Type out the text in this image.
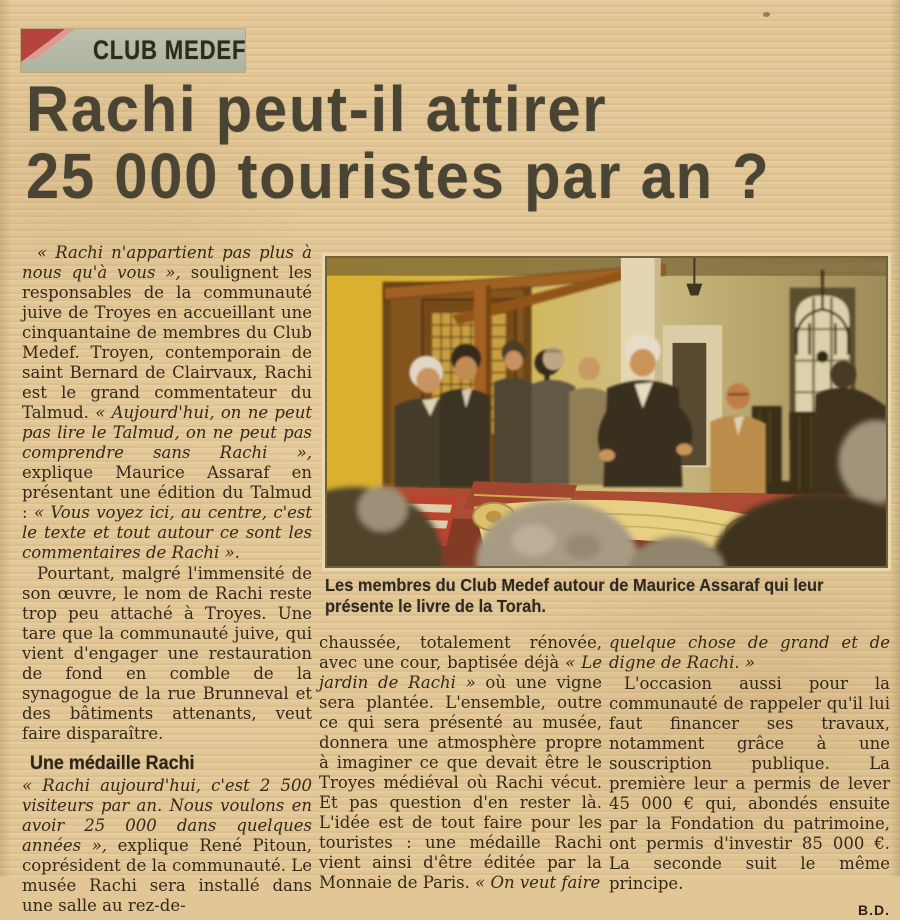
CLUB MEDEF
Rachi peut-il attirer
25 000 touristes par an ?

« Rachi n'appartient pas plus à nous qu'à vous », soulignent les responsables de la communauté juive de Troyes en accueillant une cinquantaine de membres du Club Medef. Troyen, contemporain de saint Bernard de Clairvaux, Rachi est le grand commentateur du Talmud. « Aujourd'hui, on ne peut pas lire le Talmud, on ne peut pas comprendre sans Rachi », explique Maurice Assaraf en présentant une édition du Talmud : « Vous voyez ici, au centre, c'est le texte et tout autour ce sont les commentaires de Rachi ».

Pourtant, malgré l'immensité de son œuvre, le nom de Rachi reste trop peu attaché à Troyes. Une tare que la communauté juive, qui vient d'engager une restauration de fond en comble de la synagogue de la rue Brunneval et des bâtiments attenants, veut faire disparaître.

Une médaille Rachi

« Rachi aujourd'hui, c'est 2 500 visiteurs par an. Nous voulons en avoir 25 000 dans quelques années », explique René Pitoun, coprésident de la communauté. Le musée Rachi sera installé dans une salle au rez-de-

Les membres du Club Medef autour de Maurice Assaraf qui leur présente le livre de la Torah.

chaussée, totalement rénovée, avec une cour, baptisée déjà « Le jardin de Rachi » où une vigne sera plantée. L'ensemble, outre ce qui sera présenté au musée, donnera une atmosphère propre à imaginer ce que devait être le Troyes médiéval où Rachi vécut. Et pas question d'en rester là. L'idée est de tout faire pour les touristes : une médaille Rachi vient ainsi d'être éditée par la Monnaie de Paris. « On veut faire

quelque chose de grand et de digne de Rachi. »

L'occasion aussi pour la communauté de rappeler qu'il lui faut financer ses travaux, notamment grâce à une souscription publique. La première leur a permis de lever 45 000 € qui, abondés ensuite par la Fondation du patrimoine, ont permis d'investir 85 000 €. La seconde suit le même principe.

B.D.
